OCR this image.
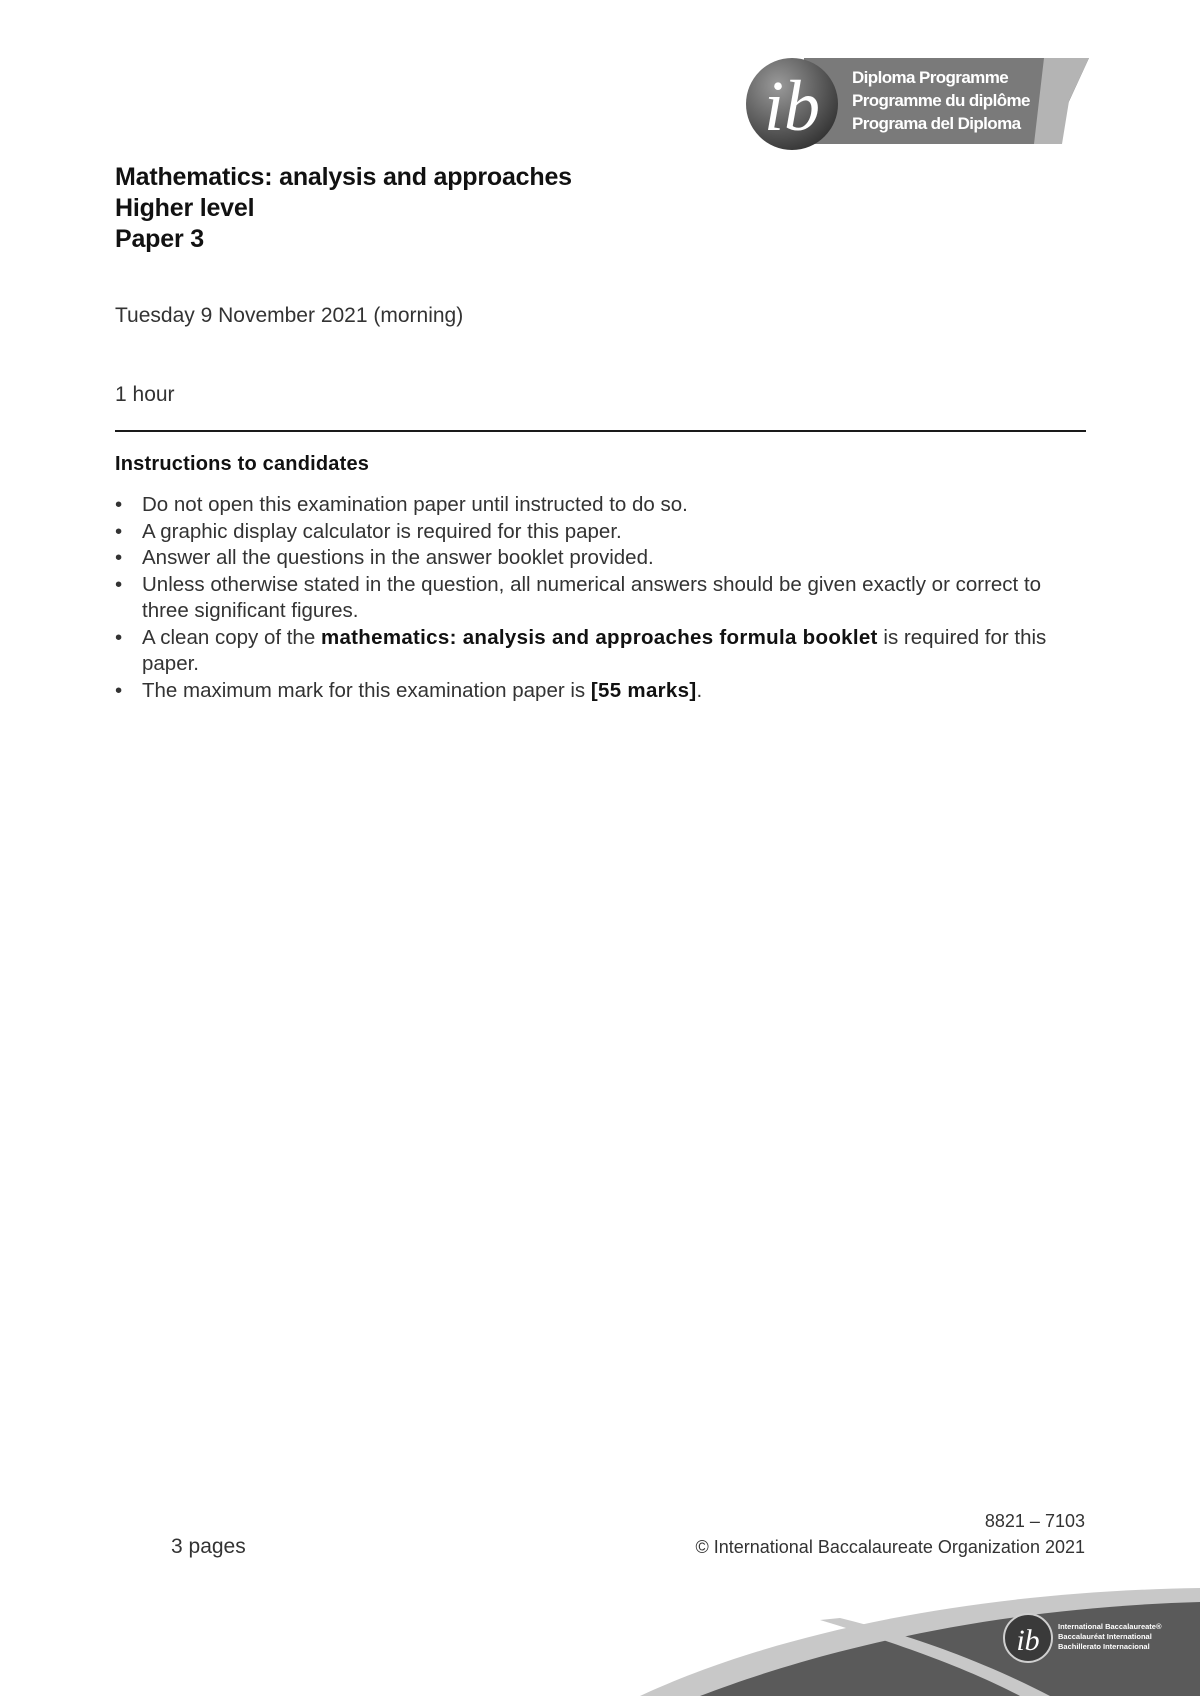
ib Diploma Programme
Programme du diplôme
Programa del Diploma
Mathematics: analysis and approaches
Higher level
Paper 3
Tuesday 9 November 2021 (morning)
1 hour
Instructions to candidates
• Do not open this examination paper until instructed to do so.
• A graphic display calculator is required for this paper.
• Answer all the questions in the answer booklet provided.
• Unless otherwise stated in the question, all numerical answers should be given exactly or correct to three significant figures.
• A clean copy of the mathematics: analysis and approaches formula booklet is required for this paper.
• The maximum mark for this examination paper is [55 marks].
3 pages
8821 – 7103
© International Baccalaureate Organization 2021
ib International Baccalaureate®
Baccalauréat International
Bachillerato Internacional
